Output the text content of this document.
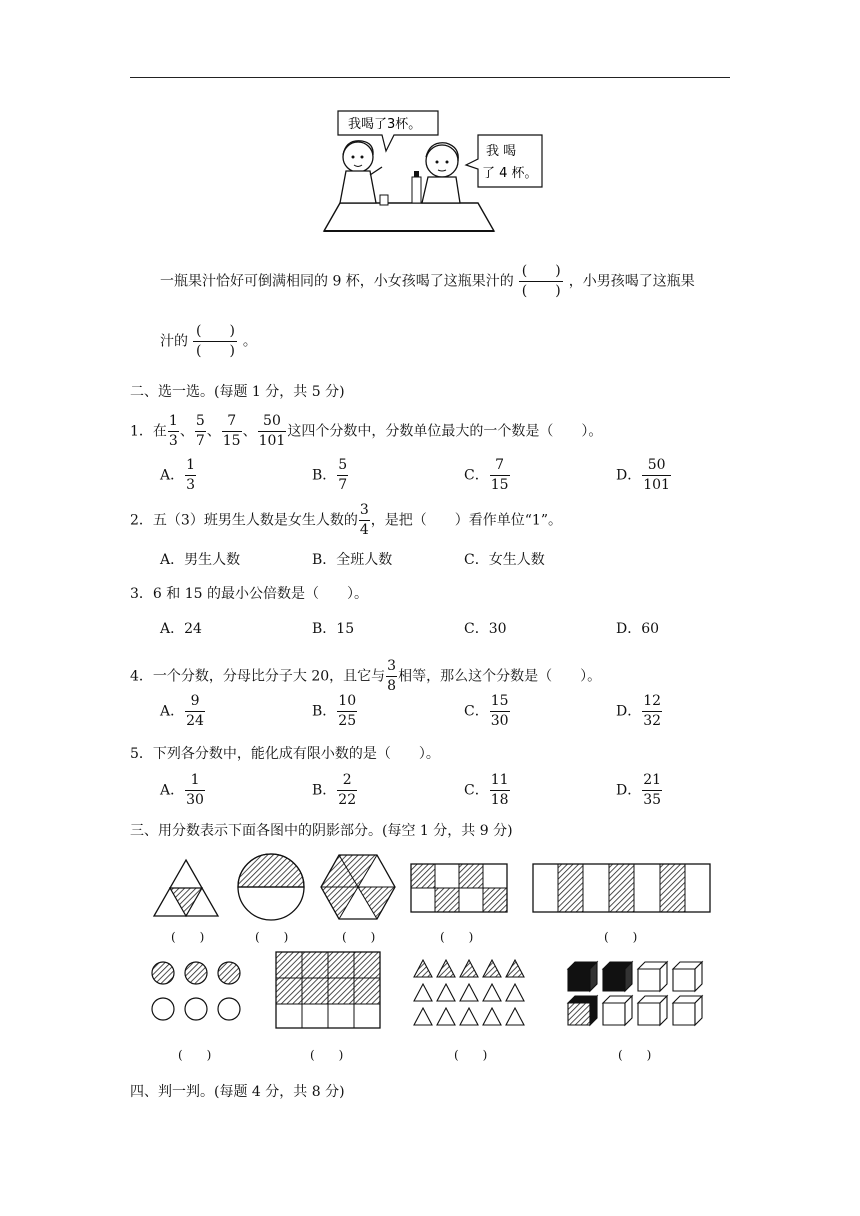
我喝了3杯。
我 喝
了 4 杯。
一瓶果汁恰好可倒满相同的 9 杯，小女孩喝了这瓶果汁的 $\frac{( )}{( )}$ ，小男孩喝了这瓶果
汁的 $\frac{( )}{( )}$ 。
二、选一选。(每题 1 分，共 5 分)
1．在 $\frac{1}{3}$ 、 $\frac{5}{7}$ 、 $\frac{7}{15}$ 、 $\frac{50}{101}$ 这四个分数中，分数单位最大的一个数是（　　）。
A． $\frac{1}{3}$	B． $\frac{5}{7}$	C． $\frac{7}{15}$	D． $\frac{50}{101}$
2．五（3）班男生人数是女生人数的 $\frac{3}{4}$ ，是把（　　）看作单位“1”。
A．男生人数	B．全班人数	C．女生人数
3．6 和 15 的最小公倍数是（　　）。
A．24	B．15	C．30	D．60
4．一个分数，分母比分子大 20，且它与 $\frac{3}{8}$ 相等，那么这个分数是（　　）。
A． $\frac{9}{24}$	B． $\frac{10}{25}$	C． $\frac{15}{30}$	D． $\frac{12}{32}$
5．下列各分数中，能化成有限小数的是（　　）。
A． $\frac{1}{30}$	B． $\frac{2}{22}$	C． $\frac{11}{18}$	D． $\frac{21}{35}$
三、用分数表示下面各图中的阴影部分。(每空 1 分，共 9 分)
(　　)	(　　)	(　　)	(　　)	(　　)
(　　)	(　　)	(　　)	(　　)
四、判一判。(每题 4 分，共 8 分)
